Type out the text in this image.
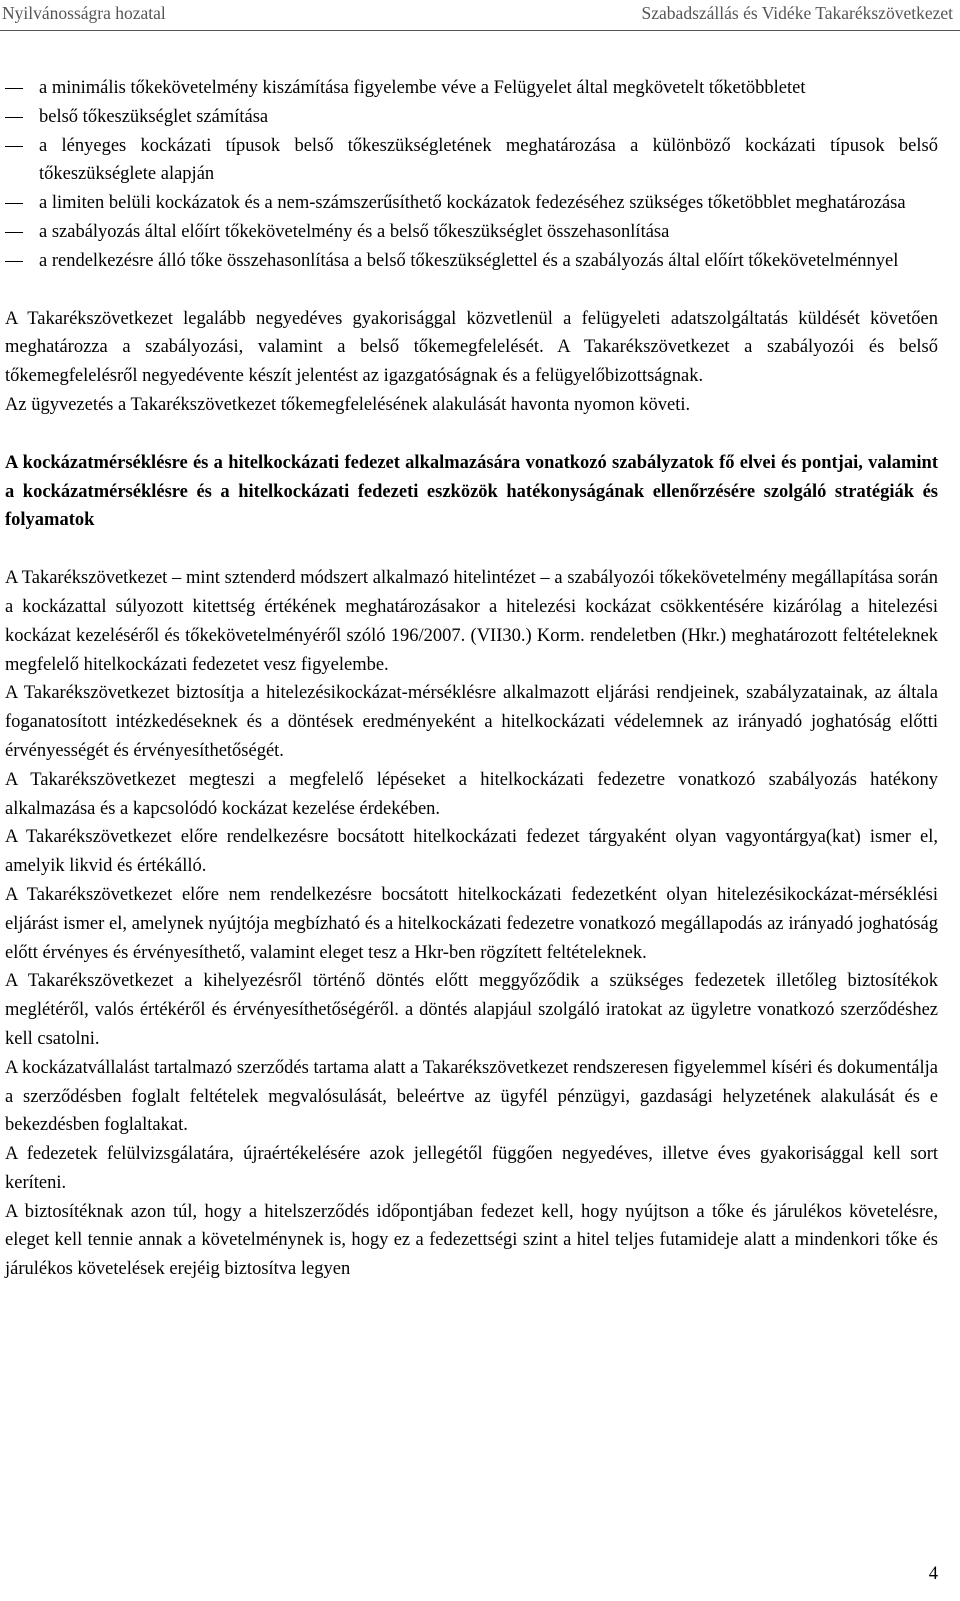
Nyilvánosságra hozatal	Szabadszállás és Vidéke Takarékszövetkezet
a minimális tőkekövetelmény kiszámítása figyelembe véve a Felügyelet által megkövetelt tőketöbbletet
belső tőkeszükséglet számítása
a lényeges kockázati típusok belső tőkeszükségletének meghatározása a különböző kockázati típusok belső tőkeszükséglete alapján
a limiten belüli kockázatok és a nem-számszerűsíthető kockázatok fedezéséhez szükséges tőketöbblet meghatározása
a szabályozás által előírt tőkekövetelmény és a belső tőkeszükséglet összehasonlítása
a rendelkezésre álló tőke összehasonlítása a belső tőkeszükséglettel és a szabályozás által előírt tőkekövetelménnyel

A Takarékszövetkezet legalább negyedéves gyakorisággal közvetlenül a felügyeleti adatszolgáltatás küldését követően meghatározza a szabályozási, valamint a belső tőkemegfelelését. A Takarékszövetkezet a szabályozói és belső tőkemegfelelésről negyedévente készít jelentést az igazgatóságnak és a felügyelőbizottságnak.

Az ügyvezetés a Takarékszövetkezet tőkemegfelelésének alakulását havonta nyomon követi.

A kockázatmérséklésre és a hitelkockázati fedezet alkalmazására vonatkozó szabályzatok fő elvei és pontjai, valamint a kockázatmérséklésre és a hitelkockázati fedezeti eszközök hatékonyságának ellenőrzésére szolgáló stratégiák és folyamatok

A Takarékszövetkezet – mint sztenderd módszert alkalmazó hitelintézet – a szabályozói tőkekövetelmény megállapítása során a kockázattal súlyozott kitettség értékének meghatározásakor a hitelezési kockázat csökkentésére kizárólag a hitelezési kockázat kezeléséről és tőkekövetelményéről szóló 196/2007. (VII30.) Korm. rendeletben (Hkr.) meghatározott feltételeknek megfelelő hitelkockázati fedezetet vesz figyelembe.

A Takarékszövetkezet biztosítja a hitelezésikockázat-mérséklésre alkalmazott eljárási rendjeinek, szabályzatainak, az általa foganatosított intézkedéseknek és a döntések eredményeként a hitelkockázati védelemnek az irányadó joghatóság előtti érvényességét és érvényesíthetőségét.

A Takarékszövetkezet megteszi a megfelelő lépéseket a hitelkockázati fedezetre vonatkozó szabályozás hatékony alkalmazása és a kapcsolódó kockázat kezelése érdekében.

A Takarékszövetkezet előre rendelkezésre bocsátott hitelkockázati fedezet tárgyaként olyan vagyontárgya(kat) ismer el, amelyik likvid és értékálló.

A Takarékszövetkezet előre nem rendelkezésre bocsátott hitelkockázati fedezetként olyan hitelezésikockázat-mérséklési eljárást ismer el, amelynek nyújtója megbízható és a hitelkockázati fedezetre vonatkozó megállapodás az irányadó joghatóság előtt érvényes és érvényesíthető, valamint eleget tesz a Hkr-ben rögzített feltételeknek.

A Takarékszövetkezet a kihelyezésről történő döntés előtt meggyőződik a szükséges fedezetek illetőleg biztosítékok meglétéről, valós értékéről és érvényesíthetőségéről. a döntés alapjául szolgáló iratokat az ügyletre vonatkozó szerződéshez kell csatolni.

A kockázatvállalást tartalmazó szerződés tartama alatt a Takarékszövetkezet rendszeresen figyelemmel kíséri és dokumentálja a szerződésben foglalt feltételek megvalósulását, beleértve az ügyfél pénzügyi, gazdasági helyzetének alakulását és e bekezdésben foglaltakat.

A fedezetek felülvizsgálatára, újraértékelésére azok jellegétől függően negyedéves, illetve éves gyakorisággal kell sort keríteni.

A biztosítéknak azon túl, hogy a hitelszerződés időpontjában fedezet kell, hogy nyújtson a tőke és járulékos követelésre, eleget kell tennie annak a követelménynek is, hogy ez a fedezettségi szint a hitel teljes futamideje alatt a mindenkori tőke és járulékos követelések erejéig biztosítva legyen

4
